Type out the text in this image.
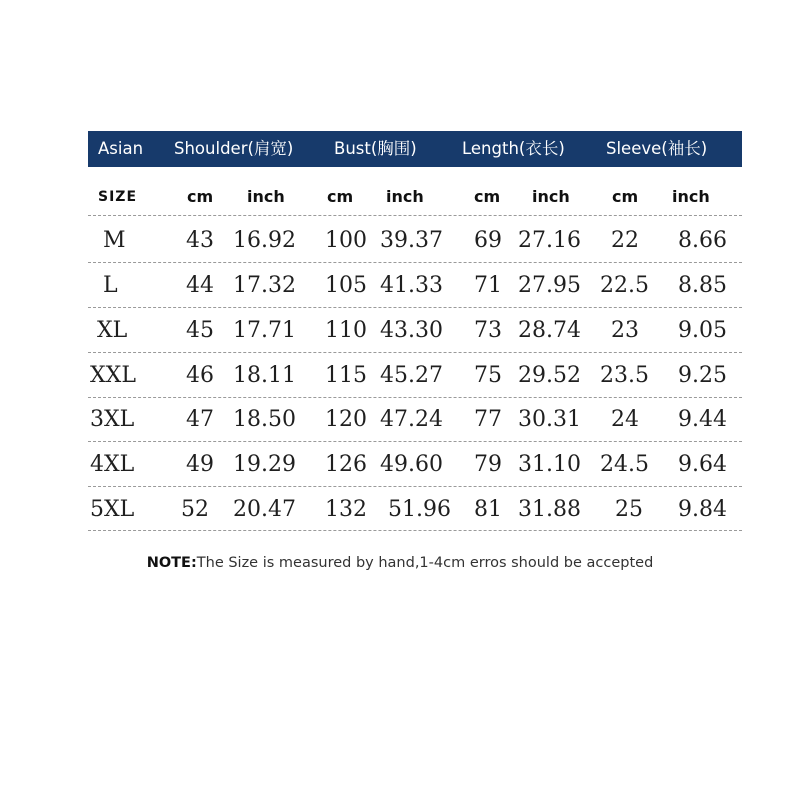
Asian Shoulder(肩宽) Bust(胸围)	Length(衣长) Sleeve(袖长)
SIZE	cm inch	cm inch	cm inch	cm inch
M	43 16.92 100 39.37 69 27.16 22 8.66
L	44 17.32 105 41.33 71 27.95 22.5 8.85
XL	45 17.71 110 43.30 73 28.74 23 9.05
XXL 46 18.11 115 45.27 75 29.52 23.5 9.25
3XL 47 18.50 120 47.24 77 30.31 24 9.44
4XL 49 19.29 126 49.60 79 31.10 24.5 9.64
5XL 52 20.47 132 51.96 81 31.88 25 9.84
NOTE:The Size is measured by hand,1-4cm erros should be accepted
